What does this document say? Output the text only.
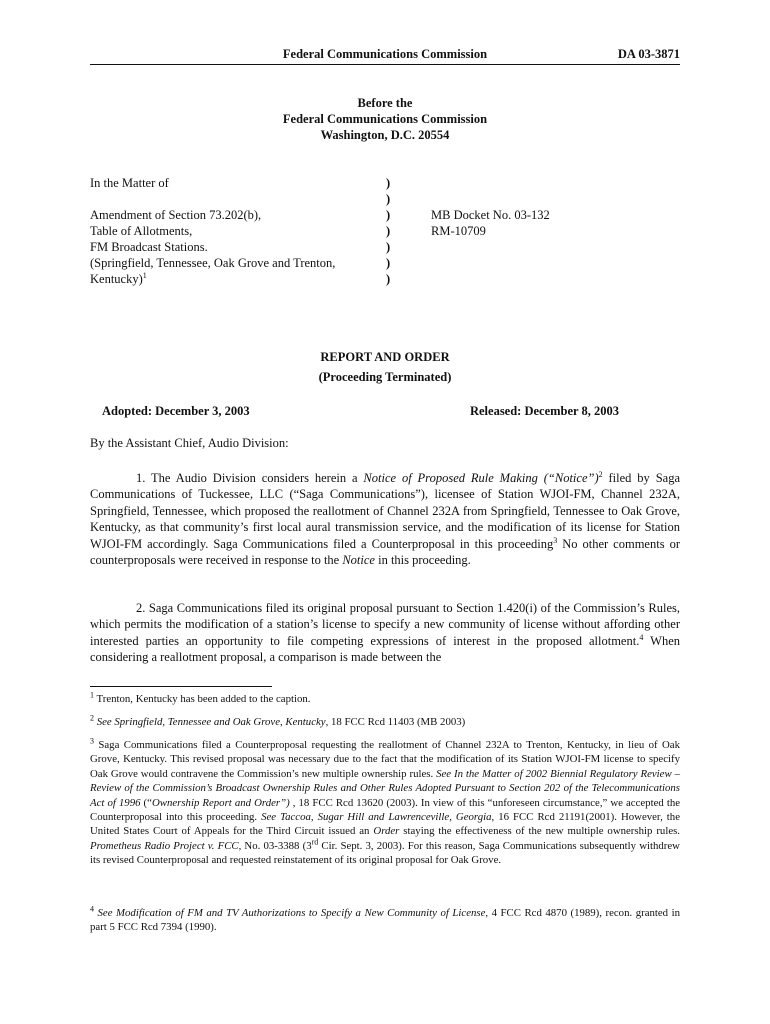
Federal Communications Commission	DA 03-3871
Before the
Federal Communications Commission
Washington, D.C. 20554
In the Matter of
Amendment of Section 73.202(b),
Table of Allotments,
FM Broadcast Stations.
(Springfield, Tennessee, Oak Grove and Trenton,
Kentucky)$^1$
)
)
)
)
)
)
)
MB Docket No. 03-132
RM-10709
REPORT AND ORDER
(Proceeding Terminated)
Adopted: December 3, 2003	Released: December 8, 2003
By the Assistant Chief, Audio Division:
1. The Audio Division considers herein a Notice of Proposed Rule Making (“Notice”)$^2$ filed by Saga Communications of Tuckessee, LLC (“Saga Communications”), licensee of Station WJOI-FM, Channel 232A, Springfield, Tennessee, which proposed the reallotment of Channel 232A from Springfield, Tennessee to Oak Grove, Kentucky, as that community’s first local aural transmission service, and the modification of its license for Station WJOI-FM accordingly. Saga Communications filed a Counterproposal in this proceeding$^3$ No other comments or counterproposals were received in response to the Notice in this proceeding.
2. Saga Communications filed its original proposal pursuant to Section 1.420(i) of the Commission’s Rules, which permits the modification of a station’s license to specify a new community of license without affording other interested parties an opportunity to file competing expressions of interest in the proposed allotment.$^4$ When considering a reallotment proposal, a comparison is made between the
$^1$ Trenton, Kentucky has been added to the caption.
$^2$ See Springfield, Tennessee and Oak Grove, Kentucky, 18 FCC Rcd 11403 (MB 2003)
$^3$ Saga Communications filed a Counterproposal requesting the reallotment of Channel 232A to Trenton, Kentucky, in lieu of Oak Grove, Kentucky. This revised proposal was necessary due to the fact that the modification of its Station WJOI-FM license to specify Oak Grove would contravene the Commission’s new multiple ownership rules. See In the Matter of 2002 Biennial Regulatory Review – Review of the Commission’s Broadcast Ownership Rules and Other Rules Adopted Pursuant to Section 202 of the Telecommunications Act of 1996 (“Ownership Report and Order”) , 18 FCC Rcd 13620 (2003). In view of this “unforeseen circumstance,” we accepted the Counterproposal into this proceeding. See Taccoa, Sugar Hill and Lawrenceville, Georgia, 16 FCC Rcd 21191(2001). However, the United States Court of Appeals for the Third Circuit issued an Order staying the effectiveness of the new multiple ownership rules. Prometheus Radio Project v. FCC, No. 03-3388 (3rd Cir. Sept. 3, 2003). For this reason, Saga Communications subsequently withdrew its revised Counterproposal and requested reinstatement of its original proposal for Oak Grove.
$^4$ See Modification of FM and TV Authorizations to Specify a New Community of License, 4 FCC Rcd 4870 (1989), recon. granted in part 5 FCC Rcd 7394 (1990).
